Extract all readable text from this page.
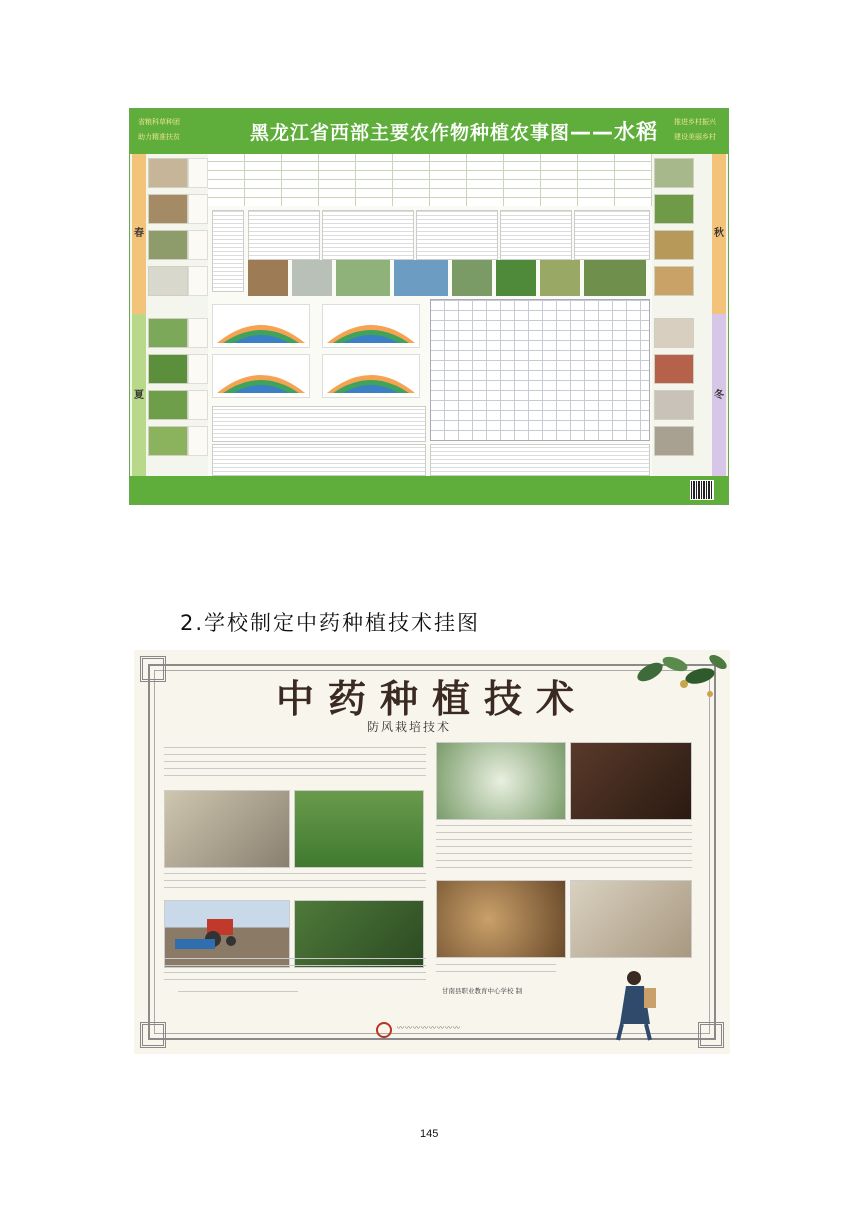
省粮科草种团
助力精准扶贫	黑龙江省西部主要农作物种植农事图——水稻 推进乡村振兴
建设美丽乡村
春
夏
秋
冬
2.学校制定中药种植技术挂图
中药种植技术
防风栽培技术
甘南县职业教育中心学校 制
〰〰〰〰〰〰〰〰
145
